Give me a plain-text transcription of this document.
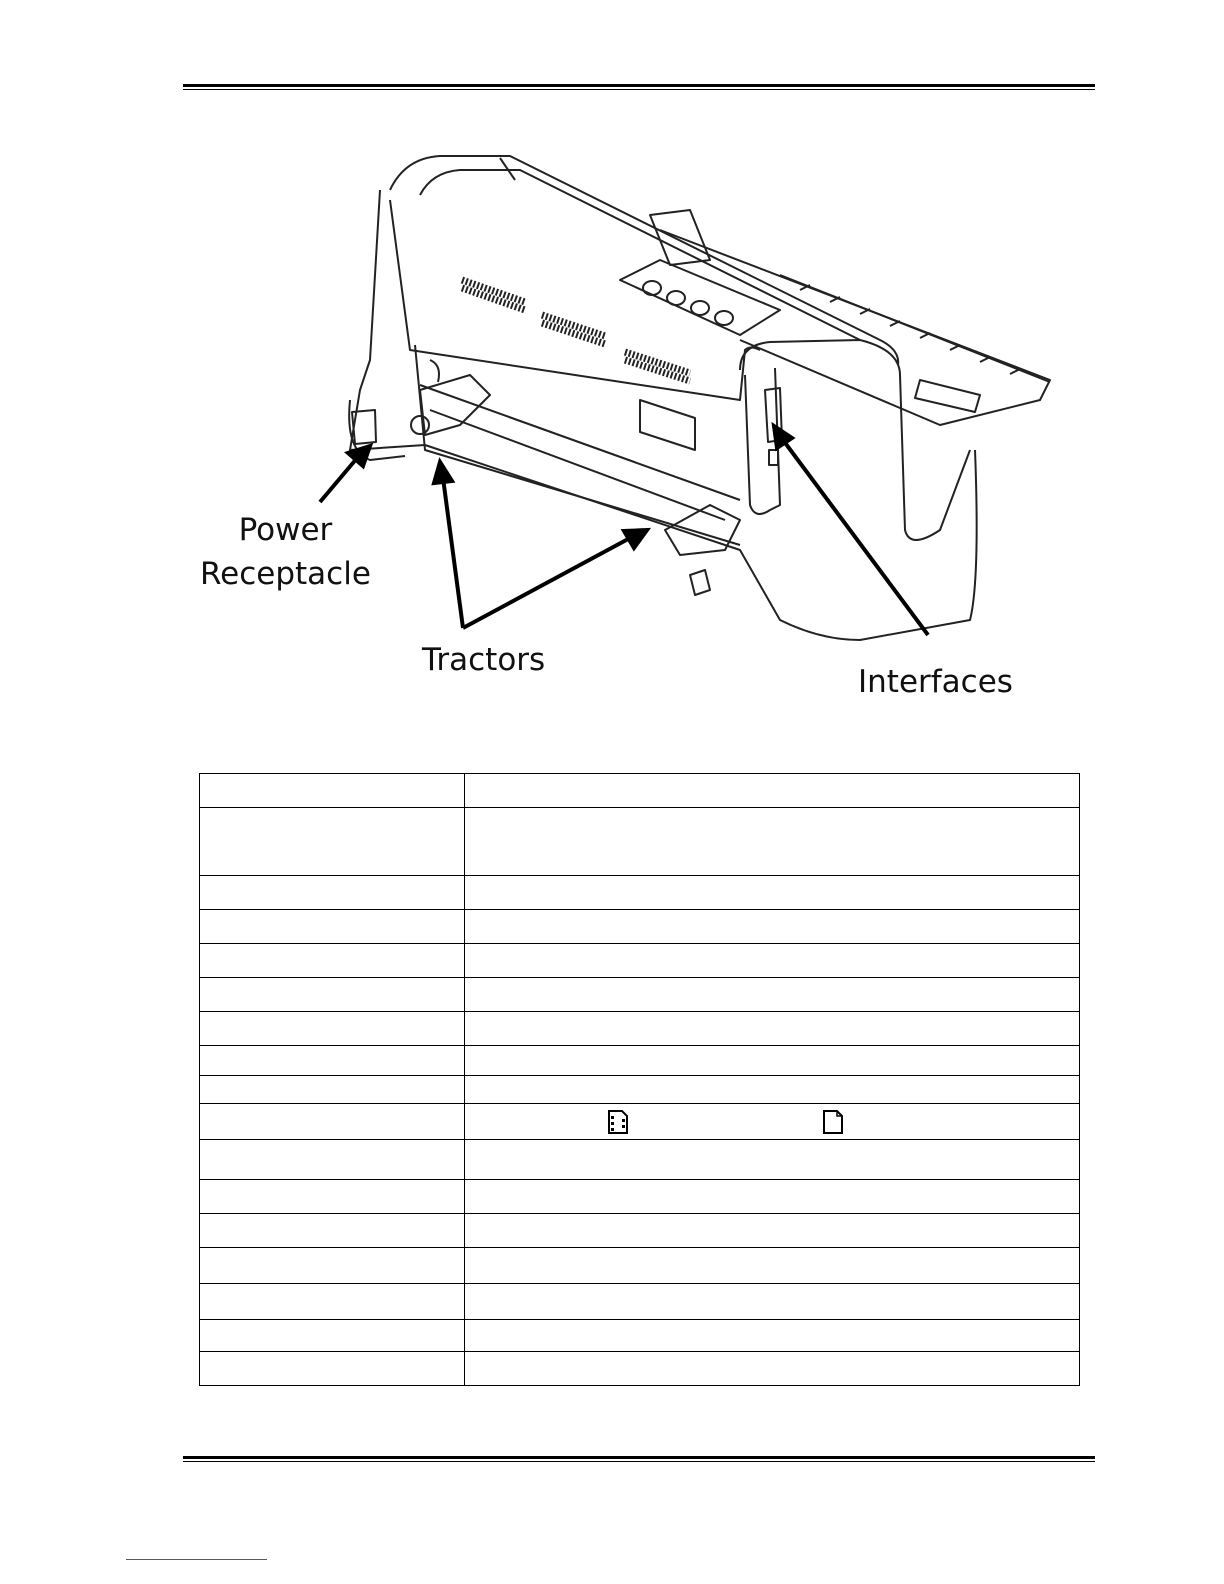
Power
Receptacle
Tractors
Interfaces
